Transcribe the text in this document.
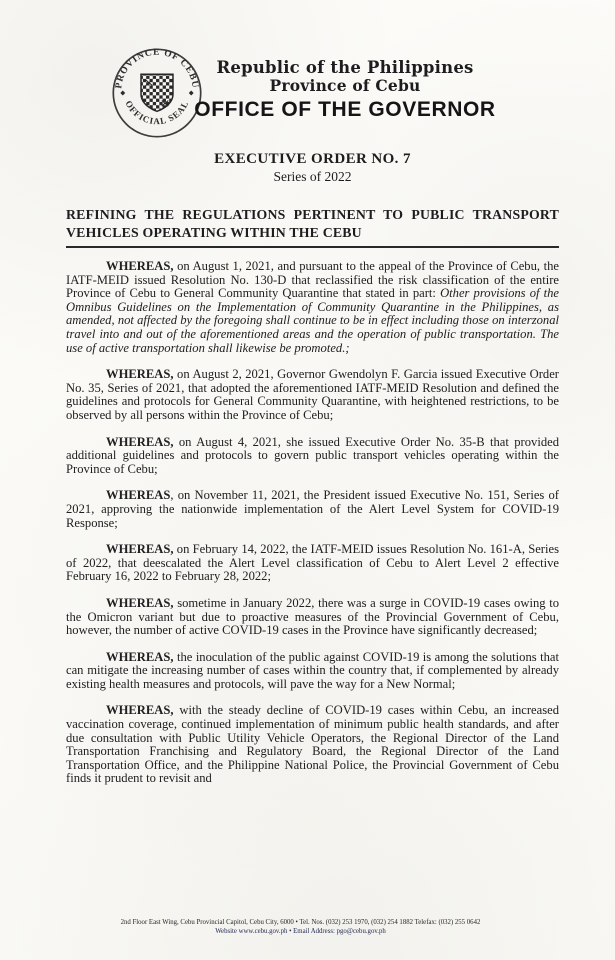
PROVINCE OF CEBU
OFFICIAL SEAL
Republic of the Philippines
Province of Cebu
OFFICE OF THE GOVERNOR
EXECUTIVE ORDER NO. 7
Series of 2022
REFINING THE REGULATIONS PERTINENT TO PUBLIC TRANSPORT VEHICLES OPERATING WITHIN THE CEBU

WHEREAS, on August 1, 2021, and pursuant to the appeal of the Province of Cebu, the IATF-MEID issued Resolution No. 130-D that reclassified the risk classification of the entire Province of Cebu to General Community Quarantine that stated in part: Other provisions of the Omnibus Guidelines on the Implementation of Community Quarantine in the Philippines, as amended, not affected by the foregoing shall continue to be in effect including those on interzonal travel into and out of the aforementioned areas and the operation of public transportation. The use of active transportation shall likewise be promoted.;

WHEREAS, on August 2, 2021, Governor Gwendolyn F. Garcia issued Executive Order No. 35, Series of 2021, that adopted the aforementioned IATF-MEID Resolution and defined the guidelines and protocols for General Community Quarantine, with heightened restrictions, to be observed by all persons within the Province of Cebu;

WHEREAS, on August 4, 2021, she issued Executive Order No. 35-B that provided additional guidelines and protocols to govern public transport vehicles operating within the Province of Cebu;

WHEREAS, on November 11, 2021, the President issued Executive No. 151, Series of 2021, approving the nationwide implementation of the Alert Level System for COVID-19 Response;

WHEREAS, on February 14, 2022, the IATF-MEID issues Resolution No. 161-A, Series of 2022, that deescalated the Alert Level classification of Cebu to Alert Level 2 effective February 16, 2022 to February 28, 2022;

WHEREAS, sometime in January 2022, there was a surge in COVID-19 cases owing to the Omicron variant but due to proactive measures of the Provincial Government of Cebu, however, the number of active COVID-19 cases in the Province have significantly decreased;

WHEREAS, the inoculation of the public against COVID-19 is among the solutions that can mitigate the increasing number of cases within the country that, if complemented by already existing health measures and protocols, will pave the way for a New Normal;

WHEREAS, with the steady decline of COVID-19 cases within Cebu, an increased vaccination coverage, continued implementation of minimum public health standards, and after due consultation with Public Utility Vehicle Operators, the Regional Director of the Land Transportation Franchising and Regulatory Board, the Regional Director of the Land Transportation Office, and the Philippine National Police, the Provincial Government of Cebu finds it prudent to revisit and

2nd Floor East Wing, Cebu Provincial Capitol, Cebu City, 6000 • Tel. Nos. (032) 253 1970, (032) 254 1882 Telefax: (032) 255 0642
Website www.cebu.gov.ph • Email Address: pgo@cebu.gov.ph
